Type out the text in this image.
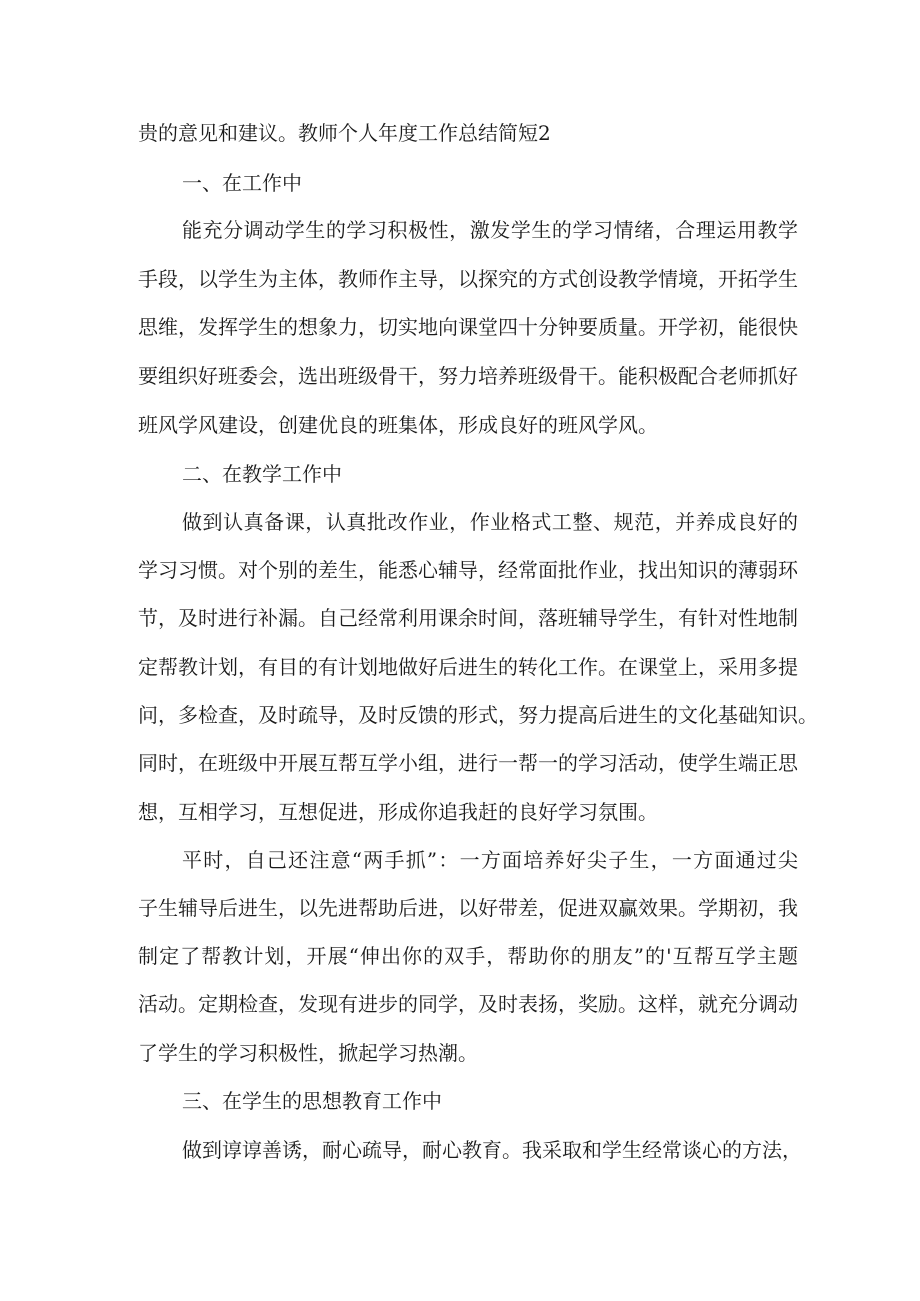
贵的意见和建议。教师个人年度工作总结简短2
一、在工作中
能充分调动学生的学习积极性，激发学生的学习情绪，合理运用教学
手段，以学生为主体，教师作主导，以探究的方式创设教学情境，开拓学生
思维，发挥学生的想象力，切实地向课堂四十分钟要质量。开学初，能很快
要组织好班委会，选出班级骨干，努力培养班级骨干。能积极配合老师抓好
班风学风建设，创建优良的班集体，形成良好的班风学风。
二、在教学工作中
做到认真备课，认真批改作业，作业格式工整、规范，并养成良好的
学习习惯。对个别的差生，能悉心辅导，经常面批作业，找出知识的薄弱环
节，及时进行补漏。自己经常利用课余时间，落班辅导学生，有针对性地制
定帮教计划，有目的有计划地做好后进生的转化工作。在课堂上，采用多提
问，多检查，及时疏导，及时反馈的形式，努力提高后进生的文化基础知识。
同时，在班级中开展互帮互学小组，进行一帮一的学习活动，使学生端正思
想，互相学习，互想促进，形成你追我赶的良好学习氛围。
平时，自己还注意“两手抓”：一方面培养好尖子生，一方面通过尖
子生辅导后进生，以先进帮助后进，以好带差，促进双赢效果。学期初，我
制定了帮教计划，开展“伸出你的双手，帮助你的朋友”的'互帮互学主题
活动。定期检查，发现有进步的同学，及时表扬，奖励。这样，就充分调动
了学生的学习积极性，掀起学习热潮。
三、在学生的思想教育工作中
做到谆谆善诱，耐心疏导，耐心教育。我采取和学生经常谈心的方法，
